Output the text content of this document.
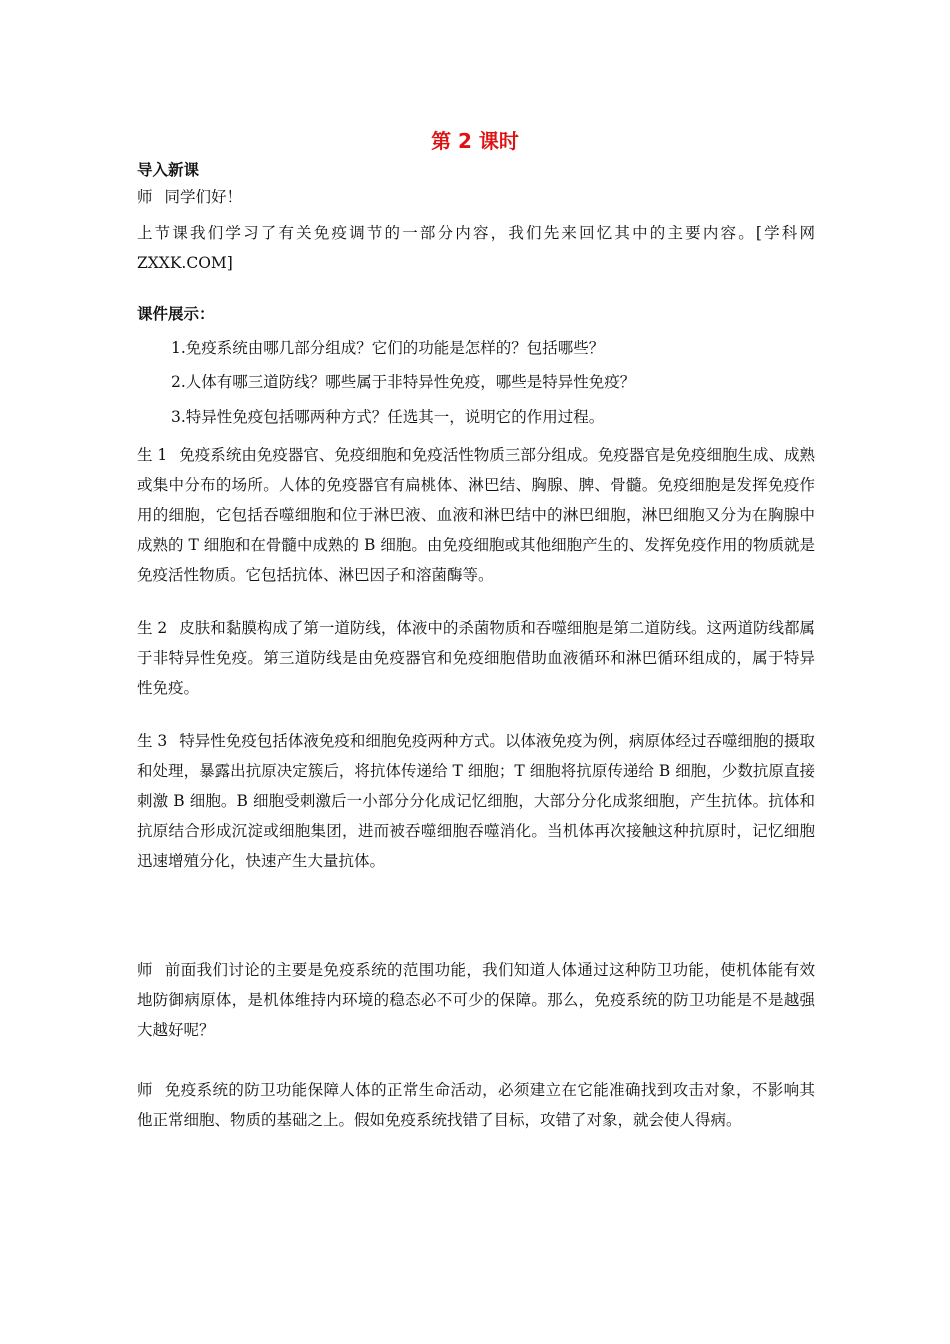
第 2 课时
导入新课

师 同学们好！

上节课我们学习了有关免疫调节的一部分内容，我们先来回忆其中的主要内容。[学科网 ZXXK.COM]

课件展示：
1.免疫系统由哪几部分组成？它们的功能是怎样的？包括哪些？
2.人体有哪三道防线？哪些属于非特异性免疫，哪些是特异性免疫？
3.特异性免疫包括哪两种方式？任选其一，说明它的作用过程。

生 1 免疫系统由免疫器官、免疫细胞和免疫活性物质三部分组成。免疫器官是免疫细胞生成、成熟或集中分布的场所。人体的免疫器官有扁桃体、淋巴结、胸腺、脾、骨髓。免疫细胞是发挥免疫作用的细胞，它包括吞噬细胞和位于淋巴液、血液和淋巴结中的淋巴细胞，淋巴细胞又分为在胸腺中成熟的 T 细胞和在骨髓中成熟的 B 细胞。由免疫细胞或其他细胞产生的、发挥免疫作用的物质就是免疫活性物质。它包括抗体、淋巴因子和溶菌酶等。

生 2 皮肤和黏膜构成了第一道防线，体液中的杀菌物质和吞噬细胞是第二道防线。这两道防线都属于非特异性免疫。第三道防线是由免疫器官和免疫细胞借助血液循环和淋巴循环组成的，属于特异性免疫。

生 3 特异性免疫包括体液免疫和细胞免疫两种方式。以体液免疫为例，病原体经过吞噬细胞的摄取和处理，暴露出抗原决定簇后，将抗体传递给 T 细胞；T 细胞将抗原传递给 B 细胞，少数抗原直接刺激 B 细胞。B 细胞受刺激后一小部分分化成记忆细胞，大部分分化成浆细胞，产生抗体。抗体和抗原结合形成沉淀或细胞集团，进而被吞噬细胞吞噬消化。当机体再次接触这种抗原时，记忆细胞迅速增殖分化，快速产生大量抗体。

师 前面我们讨论的主要是免疫系统的范围功能，我们知道人体通过这种防卫功能，使机体能有效地防御病原体，是机体维持内环境的稳态必不可少的保障。那么，免疫系统的防卫功能是不是越强大越好呢？

师 免疫系统的防卫功能保障人体的正常生命活动，必须建立在它能准确找到攻击对象，不影响其他正常细胞、物质的基础之上。假如免疫系统找错了目标，攻错了对象，就会使人得病。
